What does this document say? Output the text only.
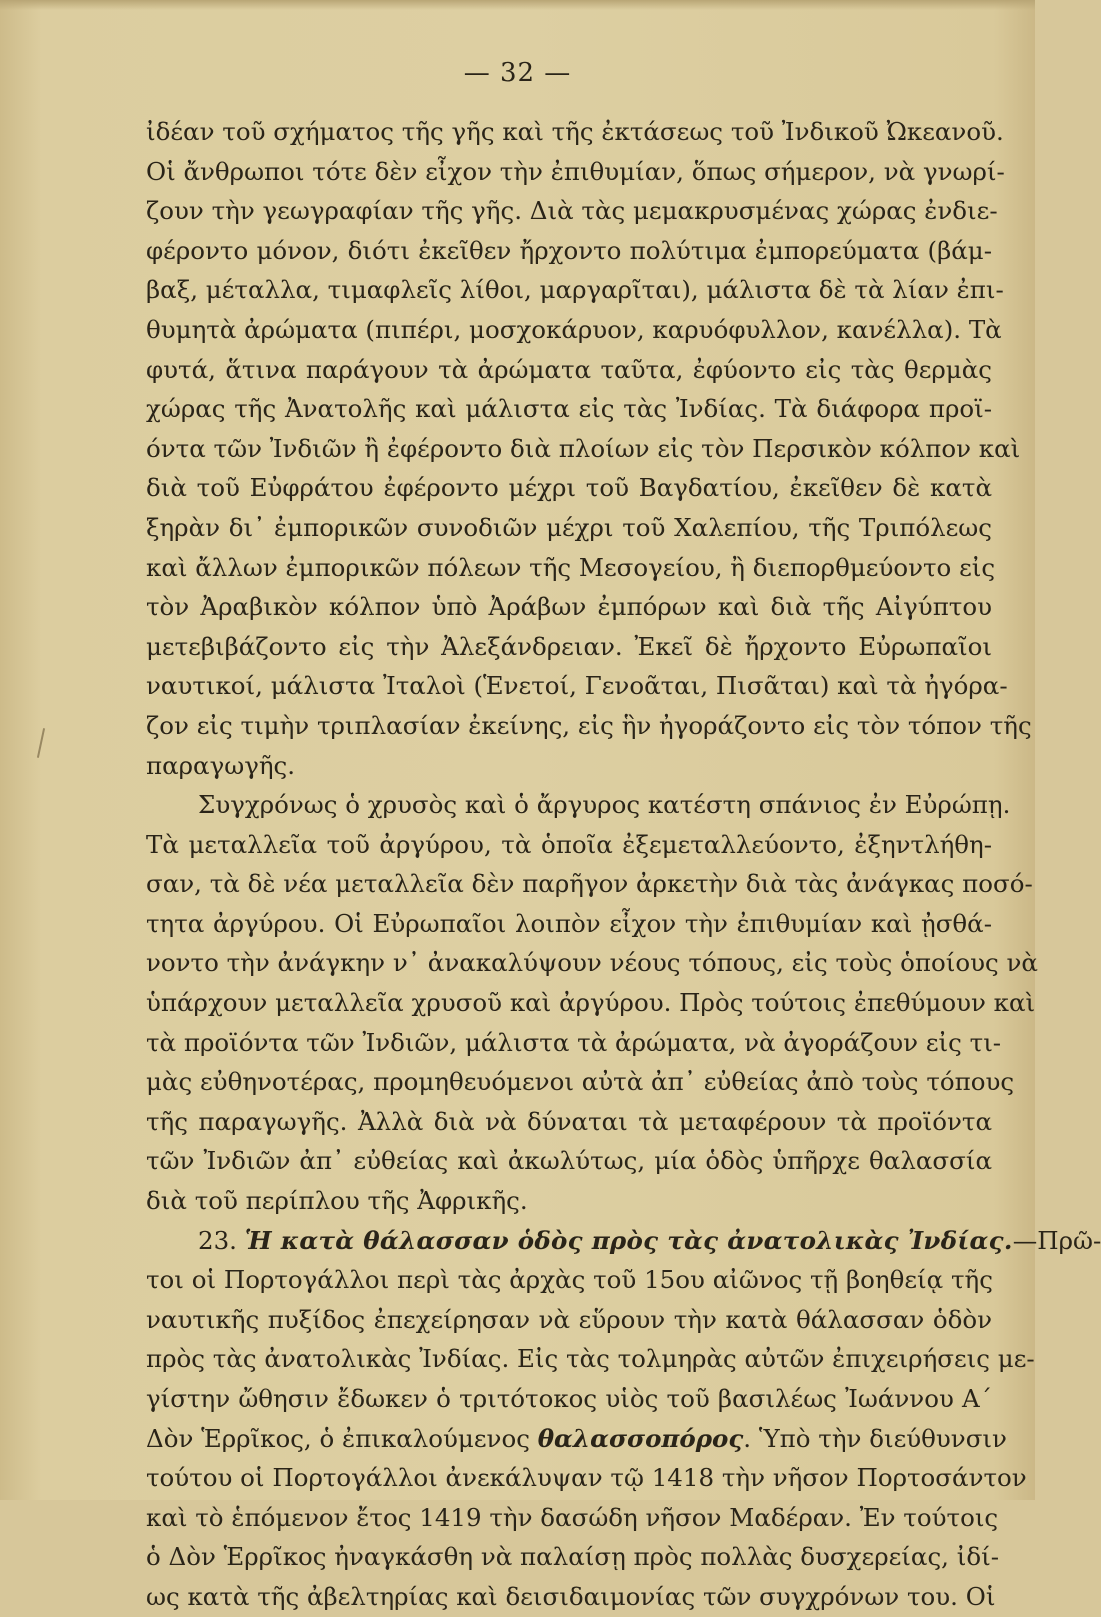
— 32 —
ἰδέαν τοῦ σχήματος τῆς γῆς καὶ τῆς ἐκτάσεως τοῦ Ἰνδικοῦ Ὠκεανοῦ.
Οἱ ἄνθρωποι τότε δὲν εἶχον τὴν ἐπιθυμίαν, ὅπως σήμερον, νὰ γνωρί-
ζουν τὴν γεωγραφίαν τῆς γῆς. Διὰ τὰς μεμακρυσμένας χώρας ἐνδιε-
φέροντο μόνον, διότι ἐκεῖθεν ἤρχοντο πολύτιμα ἐμπορεύματα (βάμ-
βαξ, μέταλλα, τιμαφλεῖς λίθοι, μαργαρῖται), μάλιστα δὲ τὰ λίαν ἐπι-
θυμητὰ ἀρώματα (πιπέρι, μοσχοκάρυον, καρυόφυλλον, κανέλλα). Τὰ
φυτά, ἅτινα παράγουν τὰ ἀρώματα ταῦτα, ἐφύοντο εἰς τὰς θερμὰς
χώρας τῆς Ἀνατολῆς καὶ μάλιστα εἰς τὰς Ἰνδίας. Τὰ διάφορα προϊ-
όντα τῶν Ἰνδιῶν ἢ ἐφέροντο διὰ πλοίων εἰς τὸν Περσικὸν κόλπον καὶ
διὰ τοῦ Εὐφράτου ἐφέροντο μέχρι τοῦ Βαγδατίου, ἐκεῖθεν δὲ κατὰ
ξηρὰν δι᾽ ἐμπορικῶν συνοδιῶν μέχρι τοῦ Χαλεπίου, τῆς Τριπόλεως
καὶ ἄλλων ἐμπορικῶν πόλεων τῆς Μεσογείου, ἢ διεπορθμεύοντο εἰς
τὸν Ἀραβικὸν κόλπον ὑπὸ Ἀράβων ἐμπόρων καὶ διὰ τῆς Αἰγύπτου
μετεβιβάζοντο εἰς τὴν Ἀλεξάνδρειαν. Ἐκεῖ δὲ ἤρχοντο Εὐρωπαῖοι
ναυτικοί, μάλιστα Ἰταλοὶ (Ἑνετοί, Γενοᾶται, Πισᾶται) καὶ τὰ ἠγόρα-
ζον εἰς τιμὴν τριπλασίαν ἐκείνης, εἰς ἣν ἠγοράζοντο εἰς τὸν τόπον τῆς
παραγωγῆς.
Συγχρόνως ὁ χρυσὸς καὶ ὁ ἄργυρος κατέστη σπάνιος ἐν Εὐρώπῃ.
Τὰ μεταλλεῖα τοῦ ἀργύρου, τὰ ὁποῖα ἐξεμεταλλεύοντο, ἐξηντλήθη-
σαν, τὰ δὲ νέα μεταλλεῖα δὲν παρῆγον ἀρκετὴν διὰ τὰς ἀνάγκας ποσό-
τητα ἀργύρου. Οἱ Εὐρωπαῖοι λοιπὸν εἶχον τὴν ἐπιθυμίαν καὶ ᾐσθά-
νοντο τὴν ἀνάγκην ν᾽ ἀνακαλύψουν νέους τόπους, εἰς τοὺς ὁποίους νὰ
ὑπάρχουν μεταλλεῖα χρυσοῦ καὶ ἀργύρου. Πρὸς τούτοις ἐπεθύμουν καὶ
τὰ προϊόντα τῶν Ἰνδιῶν, μάλιστα τὰ ἀρώματα, νὰ ἀγοράζουν εἰς τι-
μὰς εὐθηνοτέρας, προμηθευόμενοι αὐτὰ ἀπ᾽ εὐθείας ἀπὸ τοὺς τόπους
τῆς παραγωγῆς. Ἀλλὰ διὰ νὰ δύναται τὰ μεταφέρουν τὰ προϊόντα
τῶν Ἰνδιῶν ἀπ᾽ εὐθείας καὶ ἀκωλύτως, μία ὁδὸς ὑπῆρχε θαλασσία
διὰ τοῦ περίπλου τῆς Ἀφρικῆς.
23. Ἡ κατὰ θάλασσαν ὁδὸς πρὸς τὰς ἀνατολικὰς Ἰνδίας.—Πρῶ-
τοι οἱ Πορτογάλλοι περὶ τὰς ἀρχὰς τοῦ 15ου αἰῶνος τῇ βοηθείᾳ τῆς
ναυτικῆς πυξίδος ἐπεχείρησαν νὰ εὕρουν τὴν κατὰ θάλασσαν ὁδὸν
πρὸς τὰς ἀνατολικὰς Ἰνδίας. Εἰς τὰς τολμηρὰς αὐτῶν ἐπιχειρήσεις με-
γίστην ὤθησιν ἔδωκεν ὁ τριτότοκος υἱὸς τοῦ βασιλέως Ἰωάννου Α΄
Δὸν Ἑρρῖκος, ὁ ἐπικαλούμενος θαλασσοπόρος. Ὑπὸ τὴν διεύθυνσιν
τούτου οἱ Πορτογάλλοι ἀνεκάλυψαν τῷ 1418 τὴν νῆσον Πορτοσάντον
καὶ τὸ ἑπόμενον ἔτος 1419 τὴν δασώδη νῆσον Μαδέραν. Ἐν τούτοις
ὁ Δὸν Ἑρρῖκος ἠναγκάσθη νὰ παλαίσῃ πρὸς πολλὰς δυσχερείας, ἰδί-
ως κατὰ τῆς ἀβελτηρίας καὶ δεισιδαιμονίας τῶν συγχρόνων του. Οἱ
